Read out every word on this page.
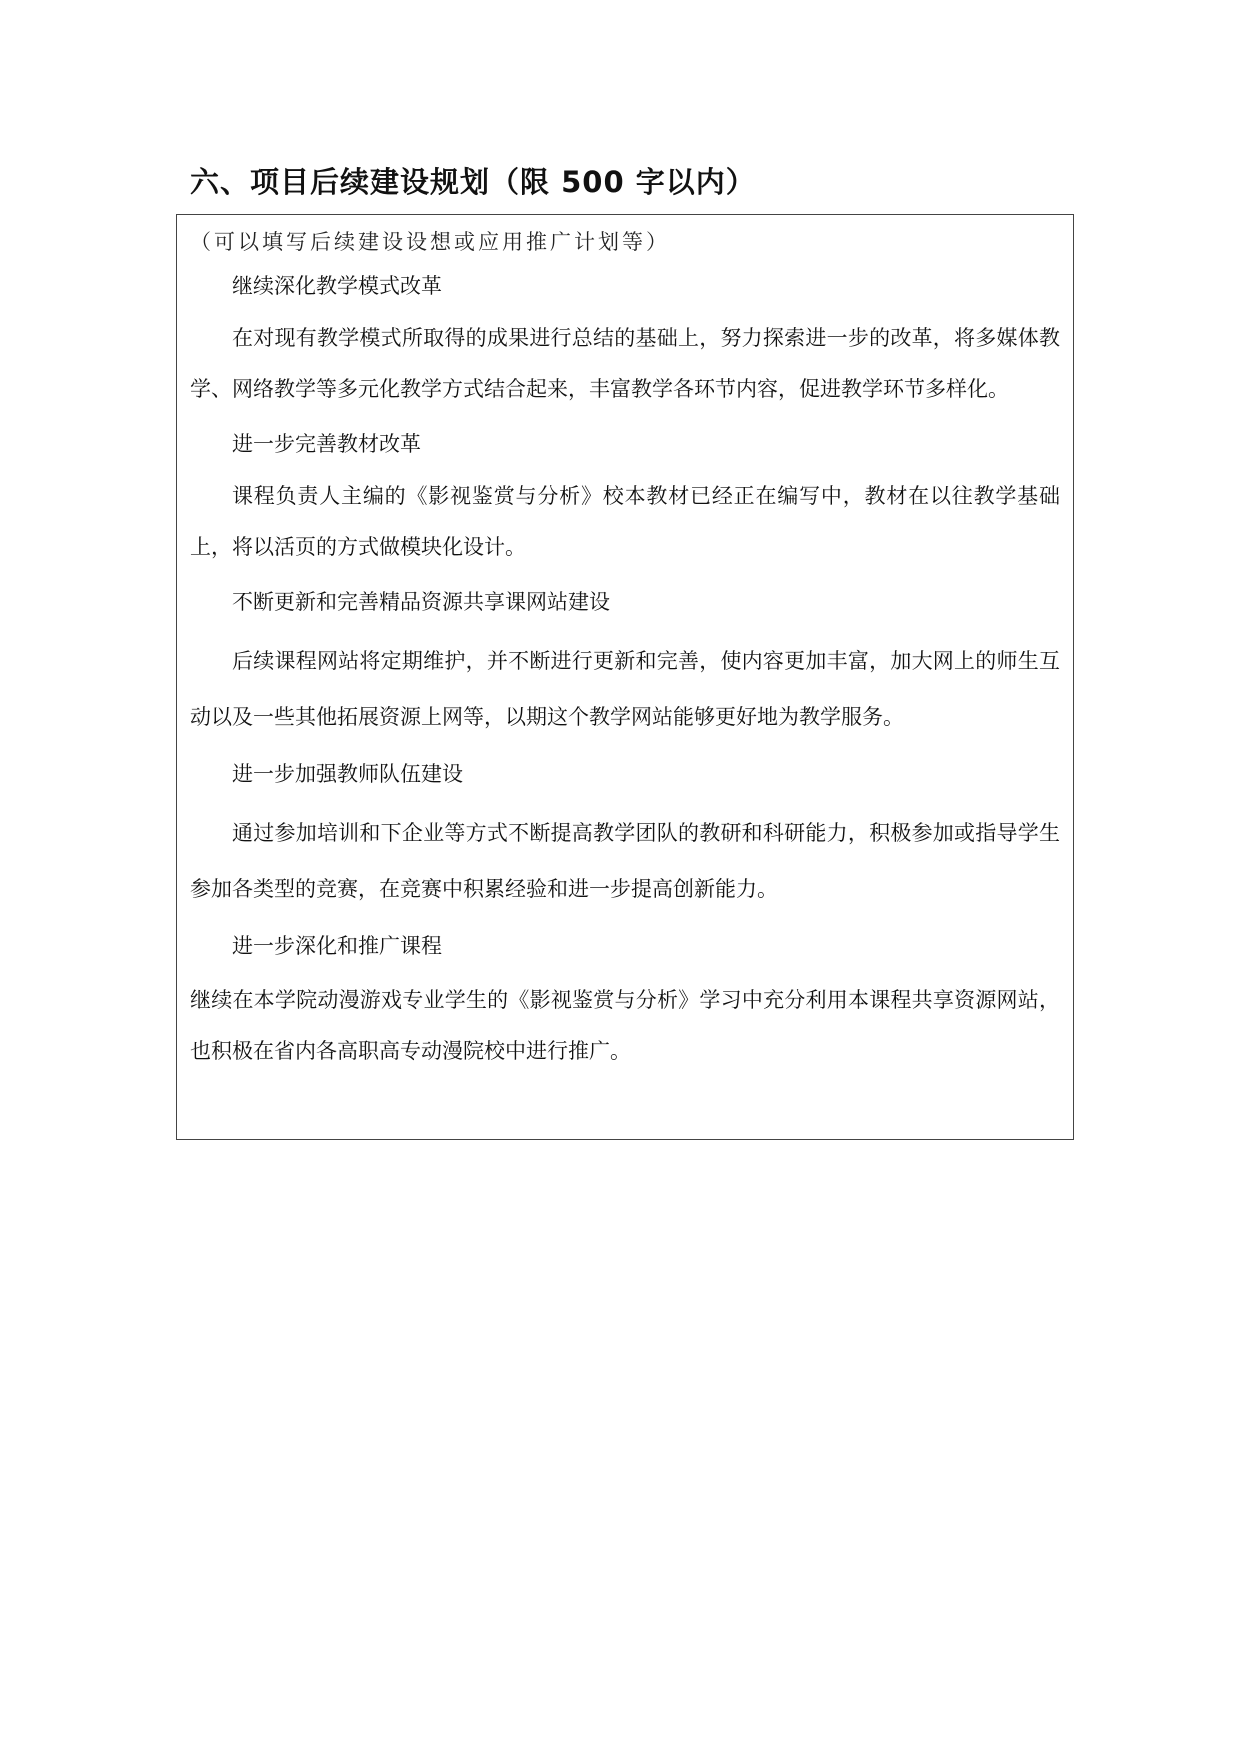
六、项目后续建设规划（限 500 字以内）

（可以填写后续建设设想或应用推广计划等）

继续深化教学模式改革

在对现有教学模式所取得的成果进行总结的基础上，努力探索进一步的改革，将多媒体教学、网络教学等多元化教学方式结合起来，丰富教学各环节内容，促进教学环节多样化。

进一步完善教材改革

课程负责人主编的《影视鉴赏与分析》校本教材已经正在编写中，教材在以往教学基础上，将以活页的方式做模块化设计。

不断更新和完善精品资源共享课网站建设

后续课程网站将定期维护，并不断进行更新和完善，使内容更加丰富，加大网上的师生互动以及一些其他拓展资源上网等，以期这个教学网站能够更好地为教学服务。

进一步加强教师队伍建设

通过参加培训和下企业等方式不断提高教学团队的教研和科研能力，积极参加或指导学生参加各类型的竞赛，在竞赛中积累经验和进一步提高创新能力。

进一步深化和推广课程

继续在本学院动漫游戏专业学生的《影视鉴赏与分析》学习中充分利用本课程共享资源网站，也积极在省内各高职高专动漫院校中进行推广。
